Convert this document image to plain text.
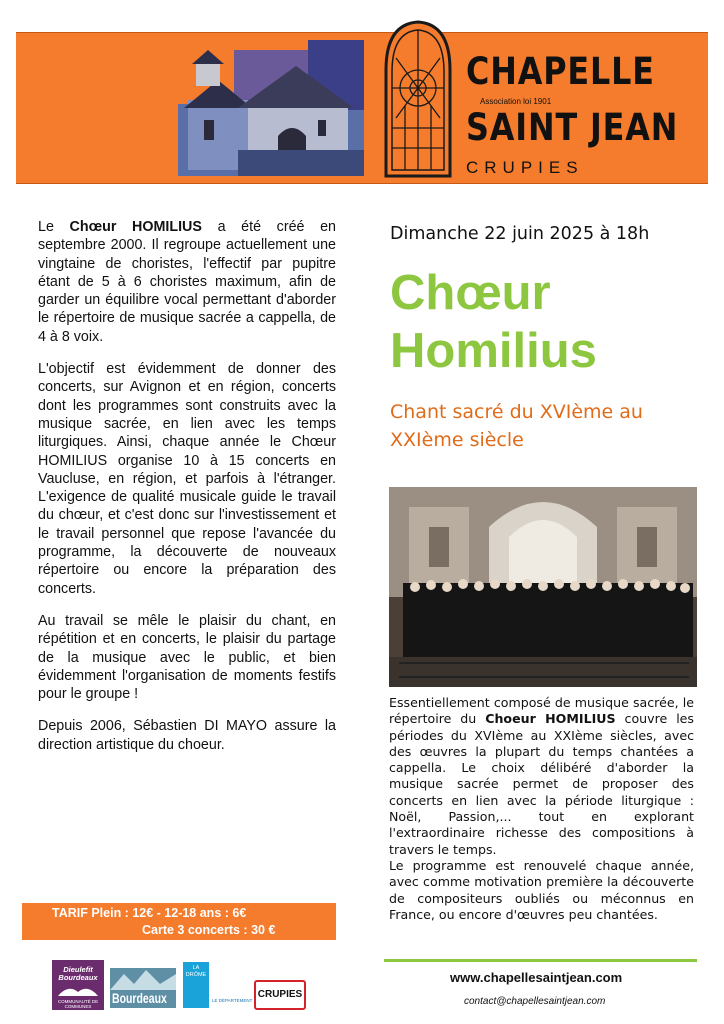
CHAPELLE
Association loi 1901
SAINT JEAN
CRUPIES

Le Chœur HOMILIUS a été créé en septembre 2000. Il regroupe actuellement une vingtaine de choristes, l'effectif par pupitre étant de 5 à 6 choristes maximum, afin de garder un équilibre vocal permettant d'aborder le répertoire de musique sacrée a cappella, de 4 à 8 voix.

L'objectif est évidemment de donner des concerts, sur Avignon et en région, concerts dont les programmes sont construits avec la musique sacrée, en lien avec les temps liturgiques. Ainsi, chaque année le Chœur HOMILIUS organise 10 à 15 concerts en Vaucluse, en région, et parfois à l'étranger. L'exigence de qualité musicale guide le travail du chœur, et c'est donc sur l'investissement et le travail personnel que repose l'avancée du programme, la découverte de nouveaux répertoire ou encore la préparation des concerts.

Au travail se mêle le plaisir du chant, en répétition et en concerts, le plaisir du partage de la musique avec le public, et bien évidemment l'organisation de moments festifs pour le groupe !

Depuis 2006, Sébastien DI MAYO assure la direction artistique du choeur.

TARIF Plein : 12€ - 12-18 ans : 6€
Carte 3 concerts : 30 €
Dieulefit Bourdeaux
COMMUNAUTÉ DE COMMUNES
Bourdeaux
LA DRÔME
LE DÉPARTEMENT
CRUPIES
Dimanche 22 juin 2025 à 18h
Chœur
Homilius
Chant sacré du XVIème au XXIème siècle

Essentiellement composé de musique sacrée, le répertoire du Choeur HOMILIUS couvre les périodes du XVIème au XXIème siècles, avec des œuvres la plupart du temps chantées a cappella. Le choix délibéré d'aborder la musique sacrée permet de proposer des concerts en lien avec la période liturgique : Noël, Passion,... tout en explorant l'extraordinaire richesse des compositions à travers le temps.

Le programme est renouvelé chaque année, avec comme motivation première la découverte de compositeurs oubliés ou méconnus en France, ou encore d'œuvres peu chantées.

www.chapellesaintjean.com
contact@chapellesaintjean.com
